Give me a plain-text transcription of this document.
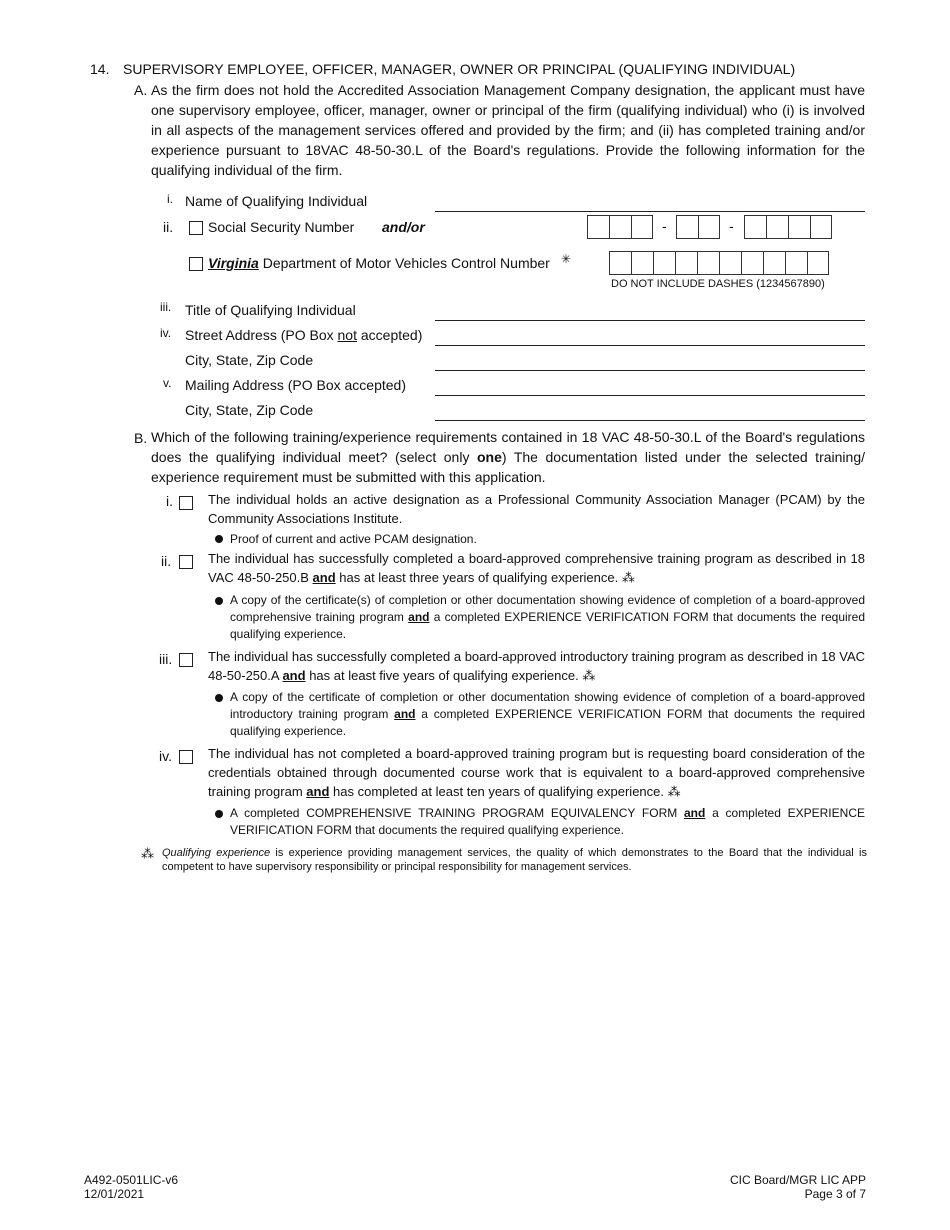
14. SUPERVISORY EMPLOYEE, OFFICER, MANAGER, OWNER OR PRINCIPAL (QUALIFYING INDIVIDUAL)
A. As the firm does not hold the Accredited Association Management Company designation, the applicant must have one supervisory employee, officer, manager, owner or principal of the firm (qualifying individual) who (i) is involved in all aspects of the management services offered and provided by the firm; and (ii) has completed training and/or experience pursuant to 18VAC 48-50-30.L of the Board's regulations. Provide the following information for the qualifying individual of the firm.
i. Name of Qualifying Individual
ii. Social Security Number and/or	-	-
Virginia Department of Motor Vehicles Control Number ✳
DO NOT INCLUDE DASHES (1234567890)
iii. Title of Qualifying Individual
iv. Street Address (PO Box not accepted)
City, State, Zip Code
v. Mailing Address (PO Box accepted)
City, State, Zip Code
B. Which of the following training/experience requirements contained in 18 VAC 48-50-30.L of the Board's regulations does the qualifying individual meet? (select only one) The documentation listed under the selected training/ experience requirement must be submitted with this application.
i.	The individual holds an active designation as a Professional Community Association Manager (PCAM) by the Community Associations Institute.
Proof of current and active PCAM designation.
ii.	The individual has successfully completed a board-approved comprehensive training program as described in 18 VAC 48-50-250.B and has at least three years of qualifying experience. ⁂
A copy of the certificate(s) of completion or other documentation showing evidence of completion of a board-approved comprehensive training program and a completed EXPERIENCE VERIFICATION FORM that documents the required qualifying experience.
iii.	The individual has successfully completed a board-approved introductory training program as described in 18 VAC 48-50-250.A and has at least five years of qualifying experience. ⁂
A copy of the certificate of completion or other documentation showing evidence of completion of a board-approved introductory training program and a completed EXPERIENCE VERIFICATION FORM that documents the required qualifying experience.
iv.	The individual has not completed a board-approved training program but is requesting board consideration of the credentials obtained through documented course work that is equivalent to a board-approved comprehensive training program and has completed at least ten years of qualifying experience. ⁂
A completed COMPREHENSIVE TRAINING PROGRAM EQUIVALENCY FORM and a completed EXPERIENCE VERIFICATION FORM that documents the required qualifying experience.
⁂ Qualifying experience is experience providing management services, the quality of which demonstrates to the Board that the individual is competent to have supervisory responsibility or principal responsibility for management services.
A492-0501LIC-v6
12/01/2021
CIC Board/MGR LIC APP
Page 3 of 7
